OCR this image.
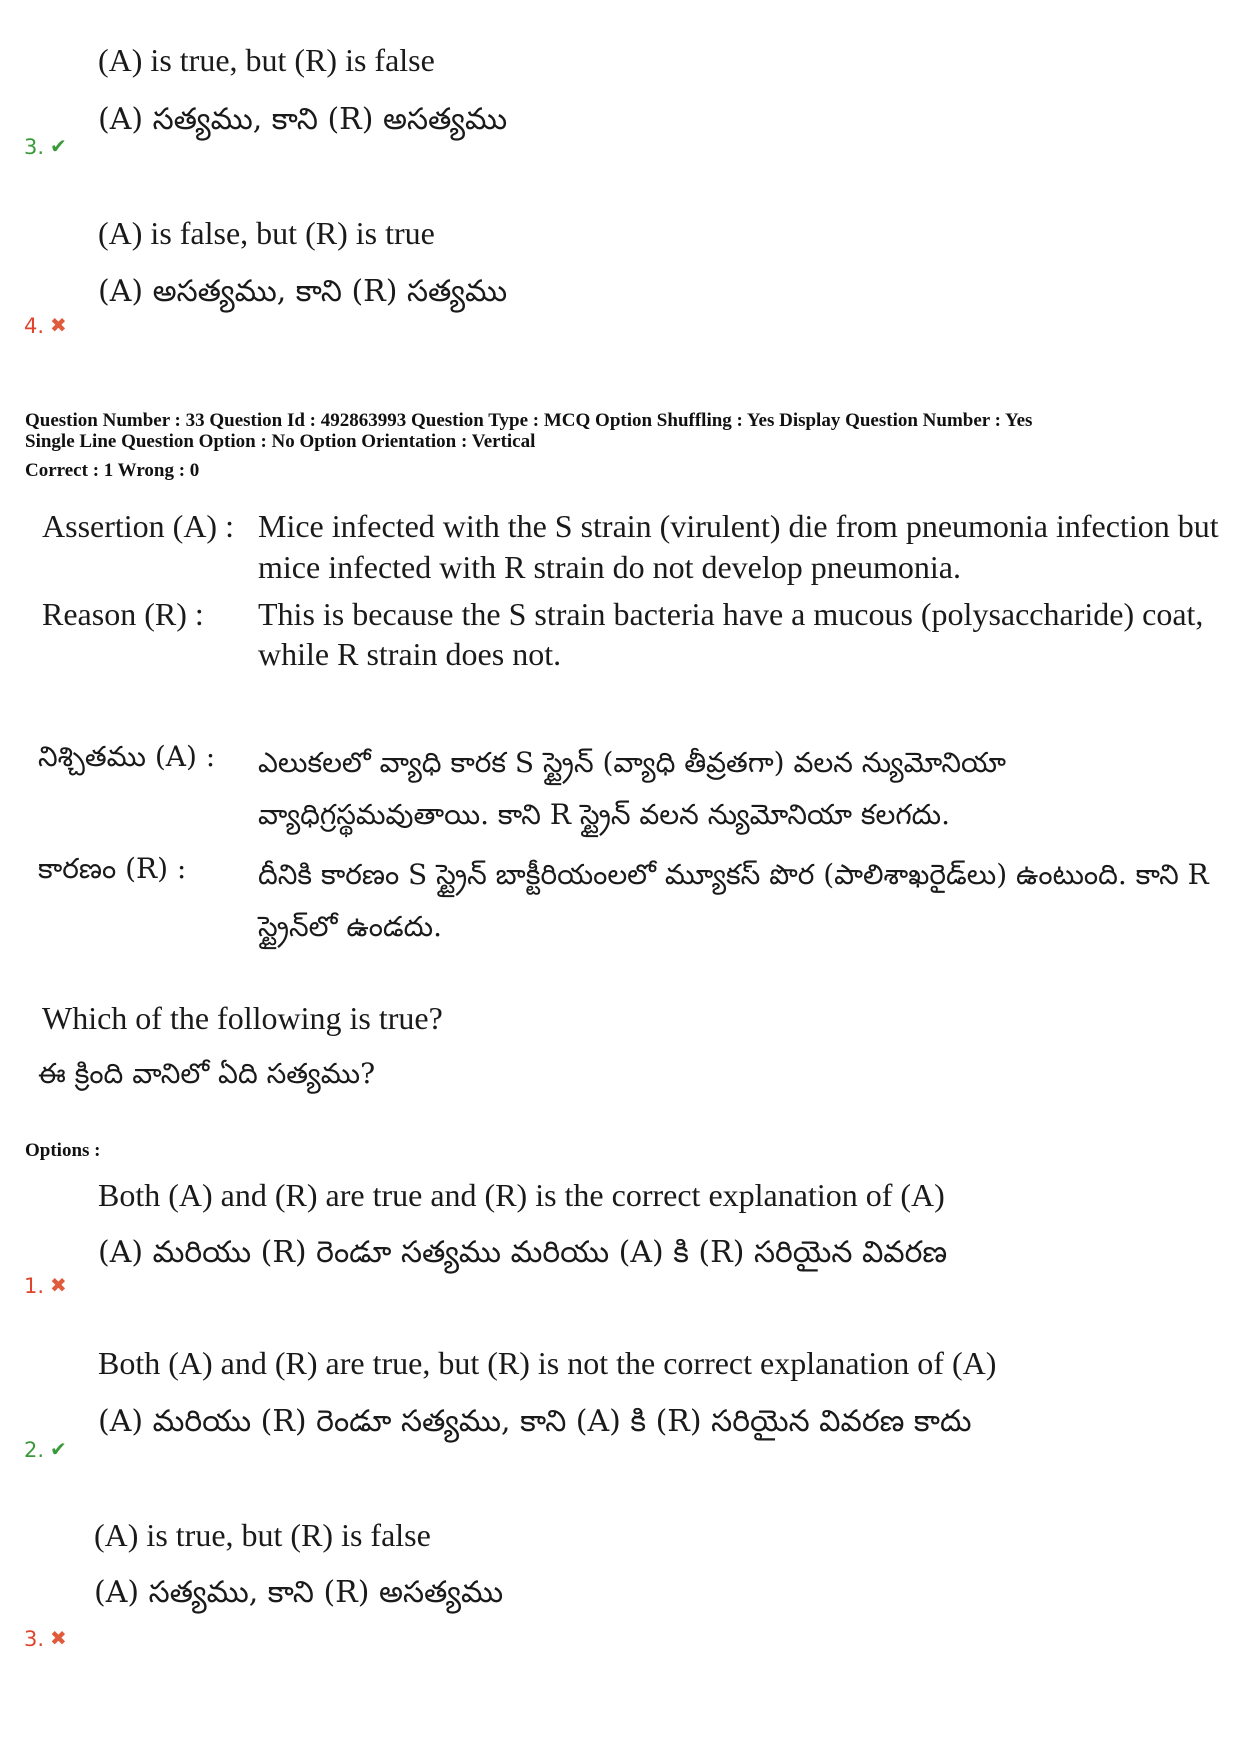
(A) is true, but (R) is false
(A) సత్యము, కాని (R) అసత్యము
3. ✔
(A) is false, but (R) is true
(A) అసత్యము, కాని (R) సత్యము
4. ✖
Question Number : 33 Question Id : 492863993 Question Type : MCQ Option Shuffling : Yes Display Question Number : Yes
Single Line Question Option : No Option Orientation : Vertical
Correct : 1 Wrong : 0
Assertion (A) : Mice infected with the S strain (virulent) die from pneumonia infection but mice infected with R strain do not develop pneumonia.
Reason (R) : This is because the S strain bacteria have a mucous (polysaccharide) coat, while R strain does not.
నిశ్చితము (A) : ఎలుకలలో వ్యాధి కారక S స్ట్రైన్ (వ్యాధి తీవ్రతగా) వలన న్యుమోనియా వ్యాధిగ్రస్థమవుతాయి. కాని R స్ట్రైన్ వలన న్యుమోనియా కలగదు.
కారణం (R) :	దీనికి కారణం S స్ట్రైన్ బాక్టీరియంలలో మ్యూకస్ పొర (పాలిశాఖరైడ్‌లు) ఉంటుంది. కాని R స్ట్రైన్‌లో ఉండదు.
Which of the following is true?
ఈ క్రింది వానిలో ఏది సత్యము?
Options :
Both (A) and (R) are true and (R) is the correct explanation of (A)
(A) మరియు (R) రెండూ సత్యము మరియు (A) కి (R) సరియైన వివరణ
1. ✖
Both (A) and (R) are true, but (R) is not the correct explanation of (A)
(A) మరియు (R) రెండూ సత్యము, కాని (A) కి (R) సరియైన వివరణ కాదు
2. ✔
(A) is true, but (R) is false
(A) సత్యము, కాని (R) అసత్యము
3. ✖
